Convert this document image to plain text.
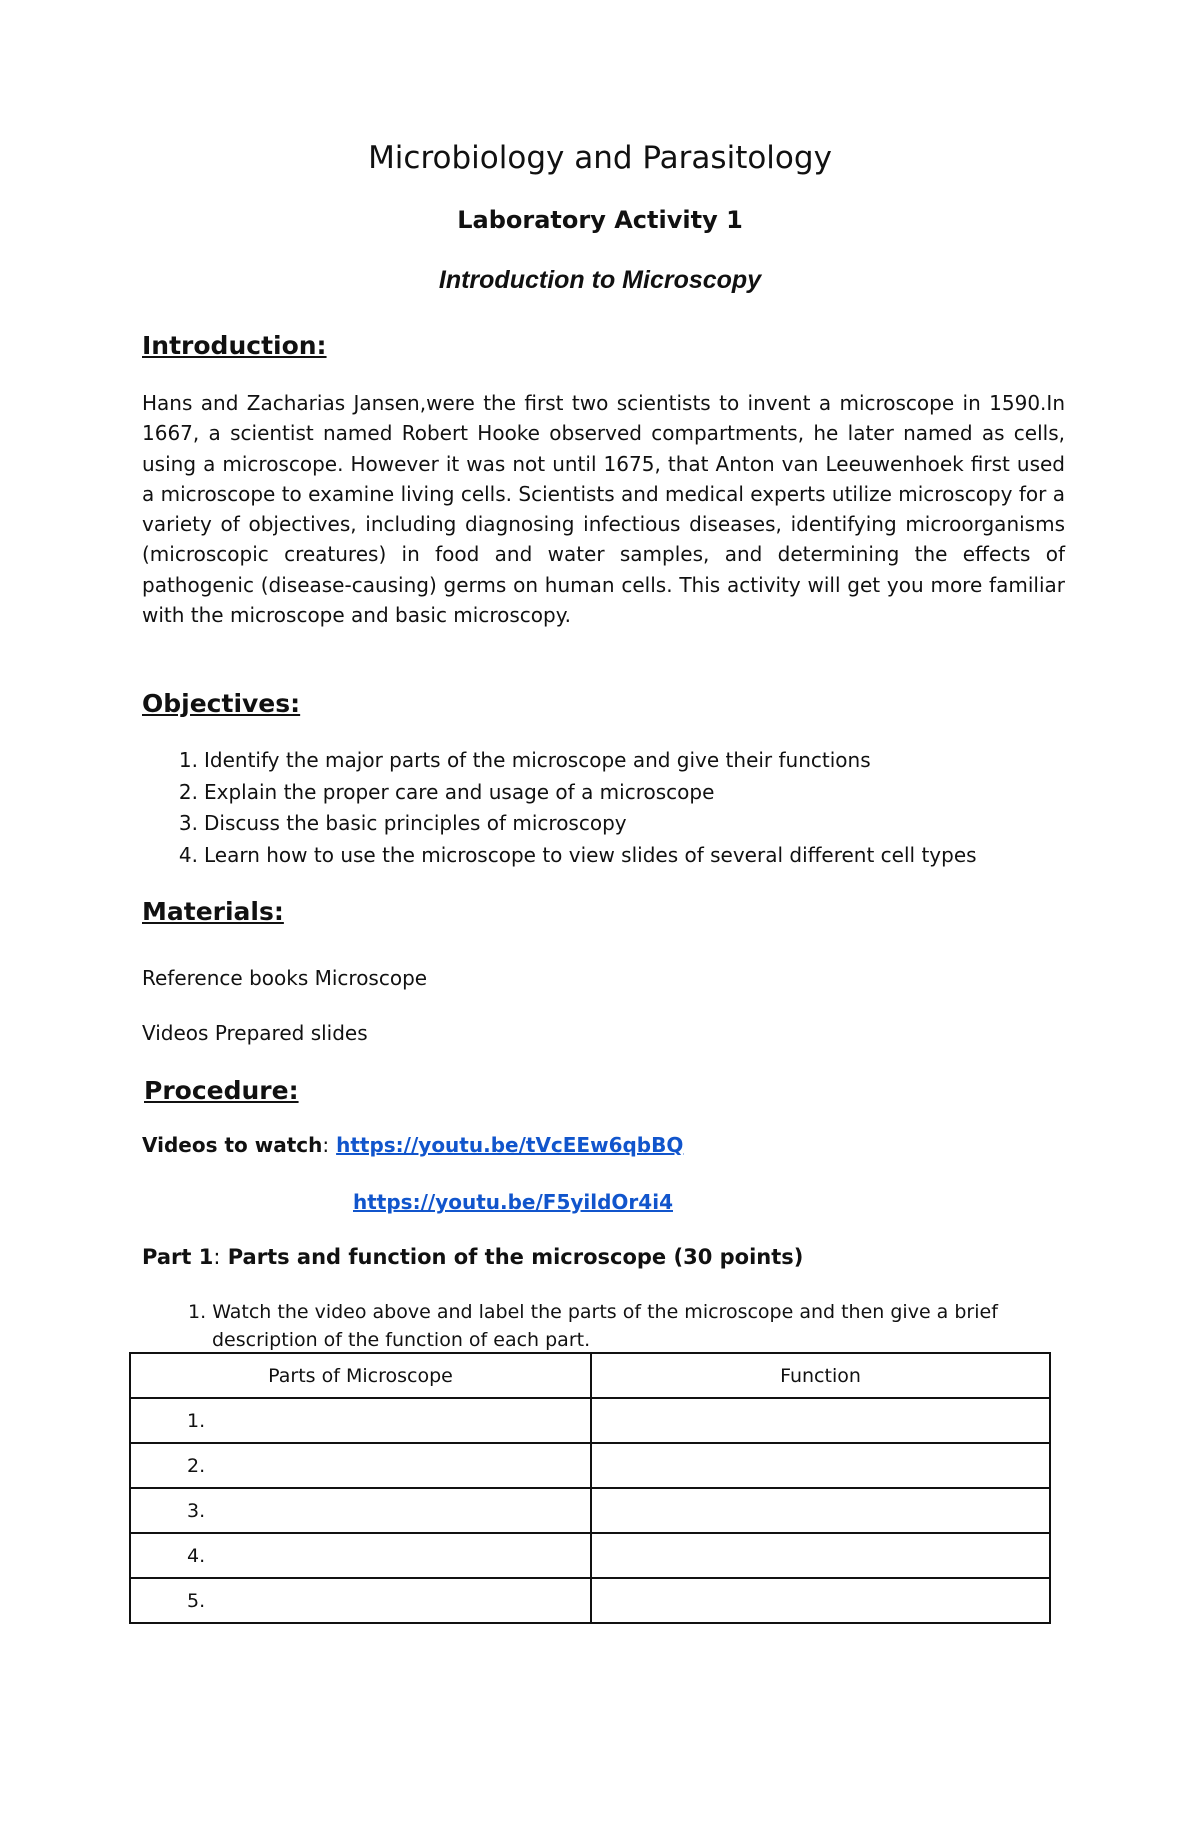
Microbiology and Parasitology
Laboratory Activity 1
Introduction to Microscopy
Introduction:

Hans and Zacharias Jansen,were the first two scientists to invent a microscope in 1590.In 1667, a scientist named Robert Hooke observed compartments, he later named as cells, using a microscope. However it was not until 1675, that Anton van Leeuwenhoek first used a microscope to examine living cells. Scientists and medical experts utilize microscopy for a variety of objectives, including diagnosing infectious diseases, identifying microorganisms (microscopic creatures) in food and water samples, and determining the effects of pathogenic (disease-causing) germs on human cells. This activity will get you more familiar with the microscope and basic microscopy.

Objectives:
1. Identify the major parts of the microscope and give their functions
2. Explain the proper care and usage of a microscope
3. Discuss the basic principles of microscopy
4. Learn how to use the microscope to view slides of several different cell types
Materials:

Reference books Microscope

Videos Prepared slides

Procedure:

Videos to watch: https://youtu.be/tVcEEw6qbBQ

https://youtu.be/F5yildOr4i4

Part 1: Parts and function of the microscope (30 points)

1. Watch the video above and label the parts of the microscope and then give a brief description of the function of each part.

Parts of Microscope	Function
1.	
2.	
3.	
4.	
5.	
